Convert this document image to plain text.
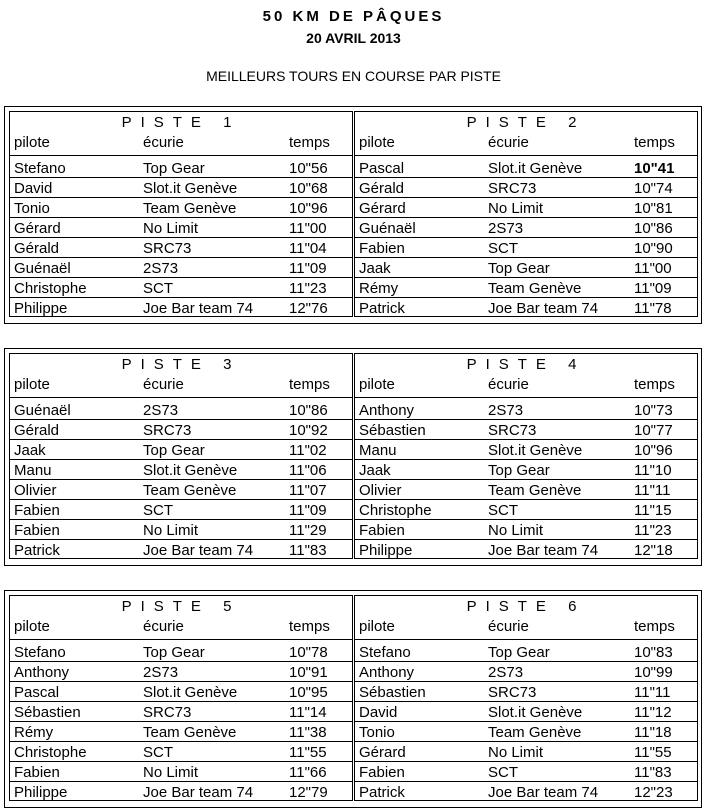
50 KM DE PÂQUES
20 AVRIL 2013
MEILLEURS TOURS EN COURSE PAR PISTE
PISTE 1
pilote	écurie	temps
Stefano	Top Gear	10"56
David	Slot.it Genève	10"68
Tonio	Team Genève	10"96
Gérard	No Limit	11"00
Gérald	SRC73	11"04
Guénaël	2S73	11"09
Christophe	SCT	11"23
Philippe	Joe Bar team 74 12"76
PISTE 2
pilote	écurie	temps
Pascal	Slot.it Genève	10"41
Gérald	SRC73	10"74
Gérard	No Limit	10"81
Guénaël	2S73	10"86
Fabien	SCT	10"90
Jaak	Top Gear	11"00
Rémy	Team Genève	11"09
Patrick	Joe Bar team 74 11"78
PISTE 3
pilote	écurie	temps
Guénaël	2S73	10"86
Gérald	SRC73	10"92
Jaak	Top Gear	11"02
Manu	Slot.it Genève	11"06
Olivier	Team Genève	11"07
Fabien	SCT	11"09
Fabien	No Limit	11"29
Patrick	Joe Bar team 74 11"83
PISTE 4
pilote	écurie	temps
Anthony	2S73	10"73
Sébastien	SRC73	10"77
Manu	Slot.it Genève	10"96
Jaak	Top Gear	11"10
Olivier	Team Genève	11"11
Christophe	SCT	11"15
Fabien	No Limit	11"23
Philippe	Joe Bar team 74 12"18
PISTE 5
pilote	écurie	temps
Stefano	Top Gear	10"78
Anthony	2S73	10"91
Pascal	Slot.it Genève	10"95
Sébastien	SRC73	11"14
Rémy	Team Genève	11"38
Christophe	SCT	11"55
Fabien	No Limit	11"66
Philippe	Joe Bar team 74 12"79
PISTE 6
pilote	écurie	temps
Stefano	Top Gear	10"83
Anthony	2S73	10"99
Sébastien	SRC73	11"11
David	Slot.it Genève	11"12
Tonio	Team Genève	11"18
Gérard	No Limit	11"55
Fabien	SCT	11"83
Patrick	Joe Bar team 74 12"23
